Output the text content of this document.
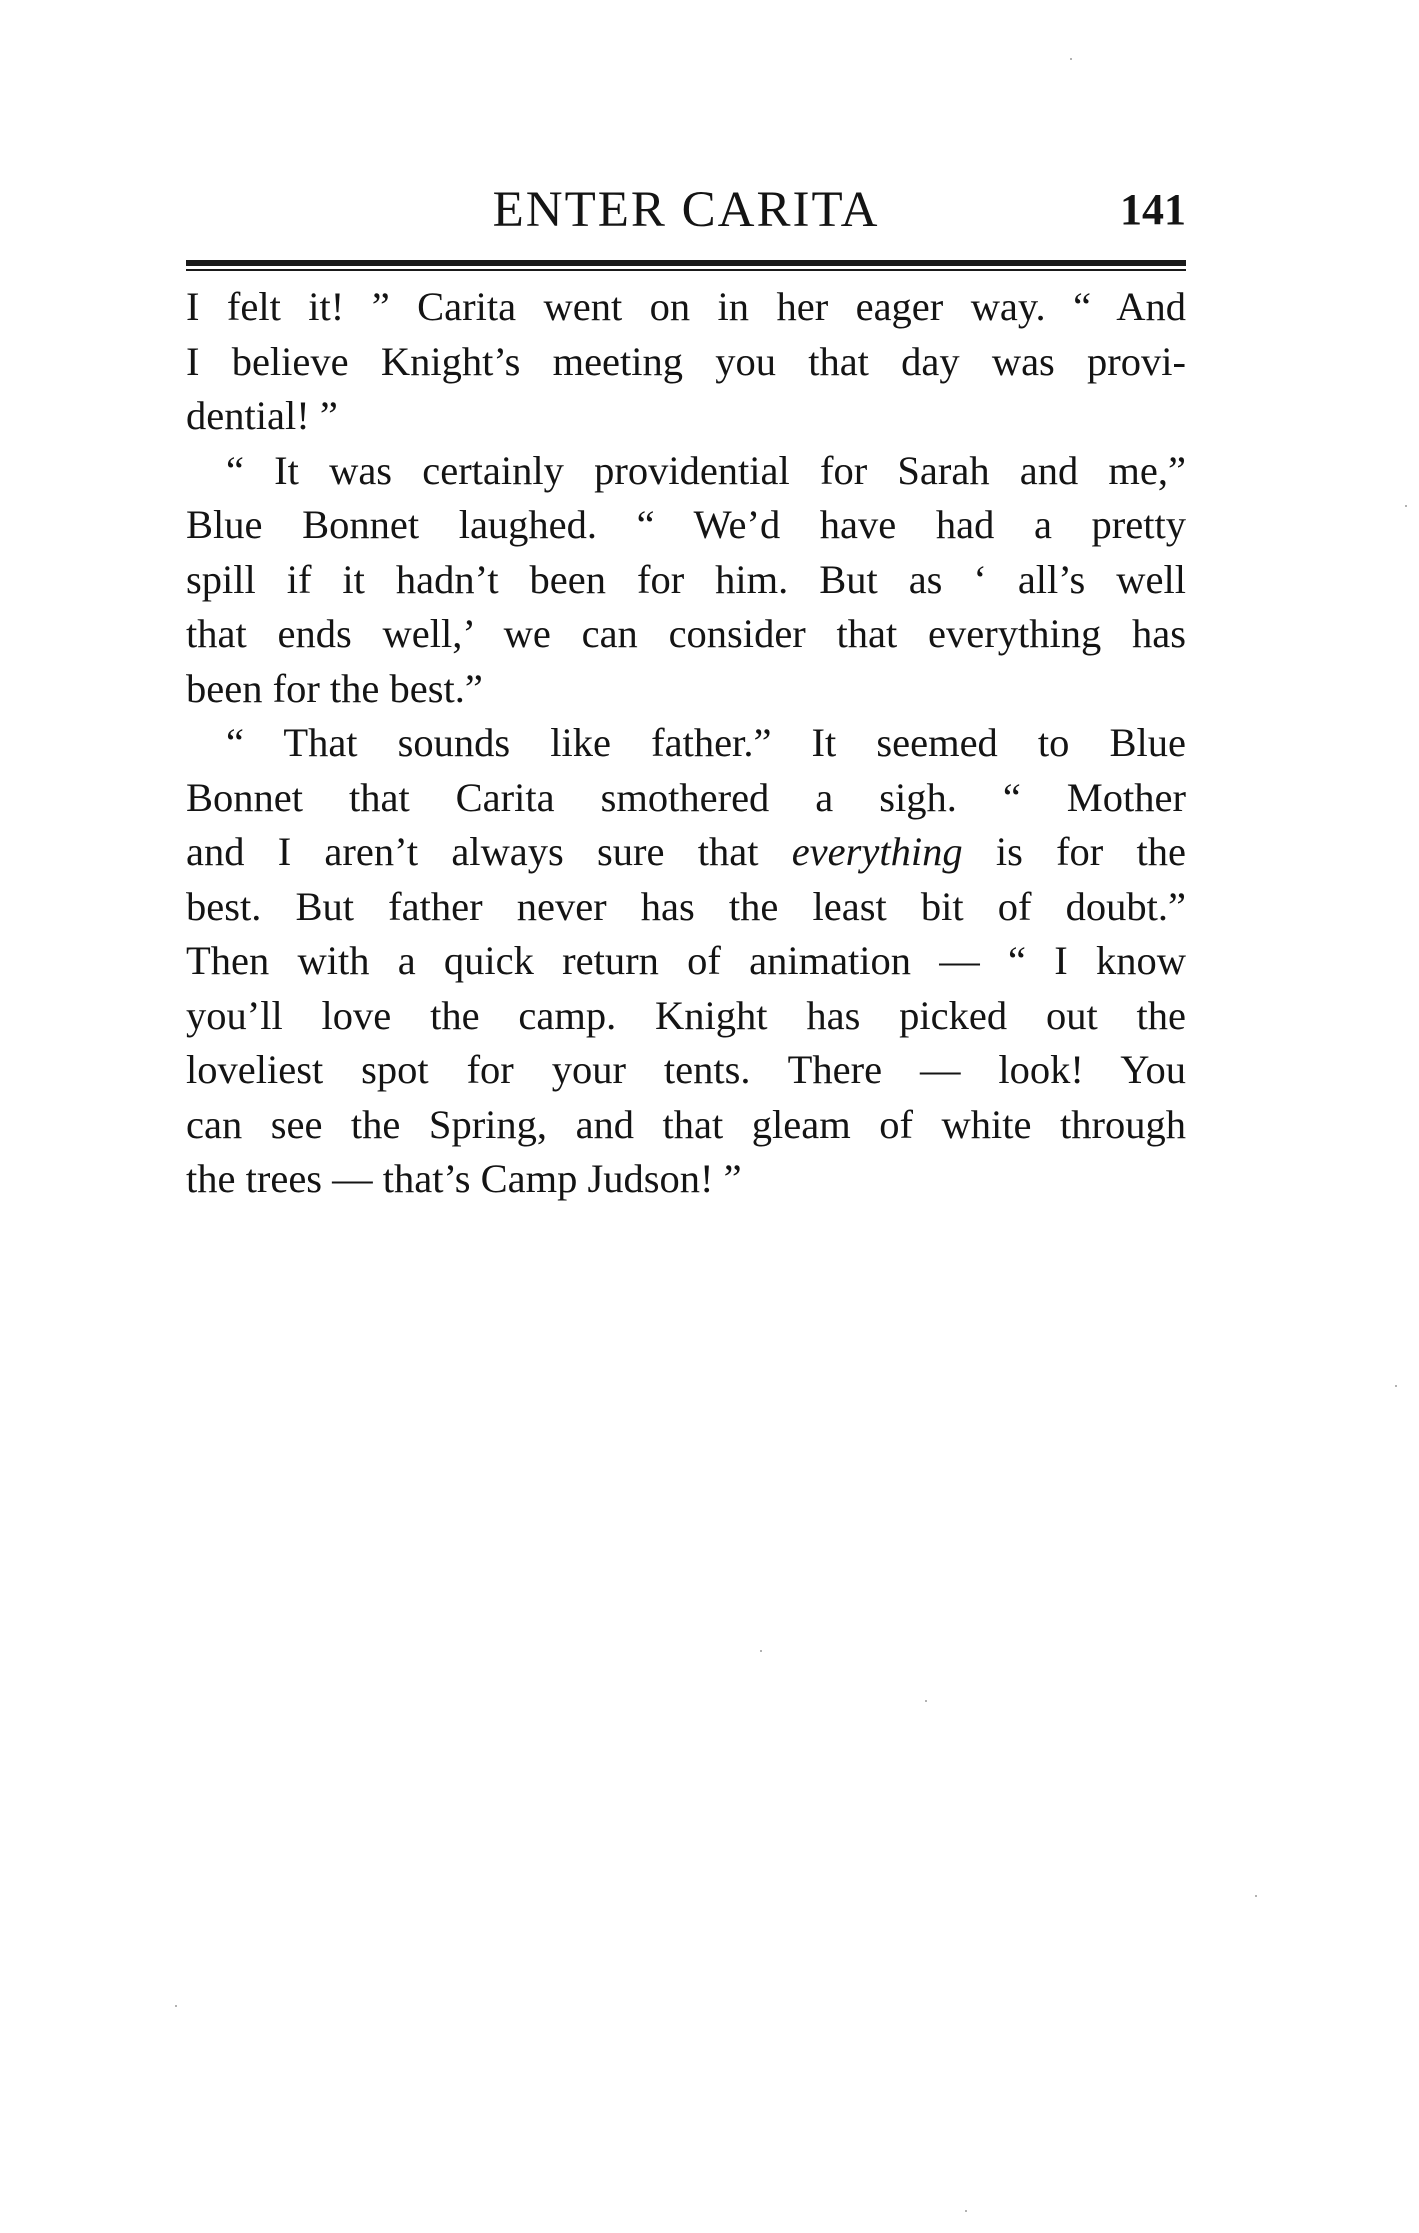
ENTER CARITA	141
I felt it! ” Carita went on in her eager way. “ And
I believe Knight’s meeting you that day was provi-
dential! ”
“ It was certainly providential for Sarah and me,”
Blue Bonnet laughed. “ We’d have had a pretty
spill if it hadn’t been for him. But as ‘ all’s well
that ends well,’ we can consider that everything has
been for the best.”
“ That sounds like father.” It seemed to Blue
Bonnet that Carita smothered a sigh. “ Mother
and I aren’t always sure that everything is for the
best. But father never has the least bit of doubt.”
Then with a quick return of animation — “ I know
you’ll love the camp. Knight has picked out the
loveliest spot for your tents. There — look! You
can see the Spring, and that gleam of white through
the trees — that’s Camp Judson! ”
